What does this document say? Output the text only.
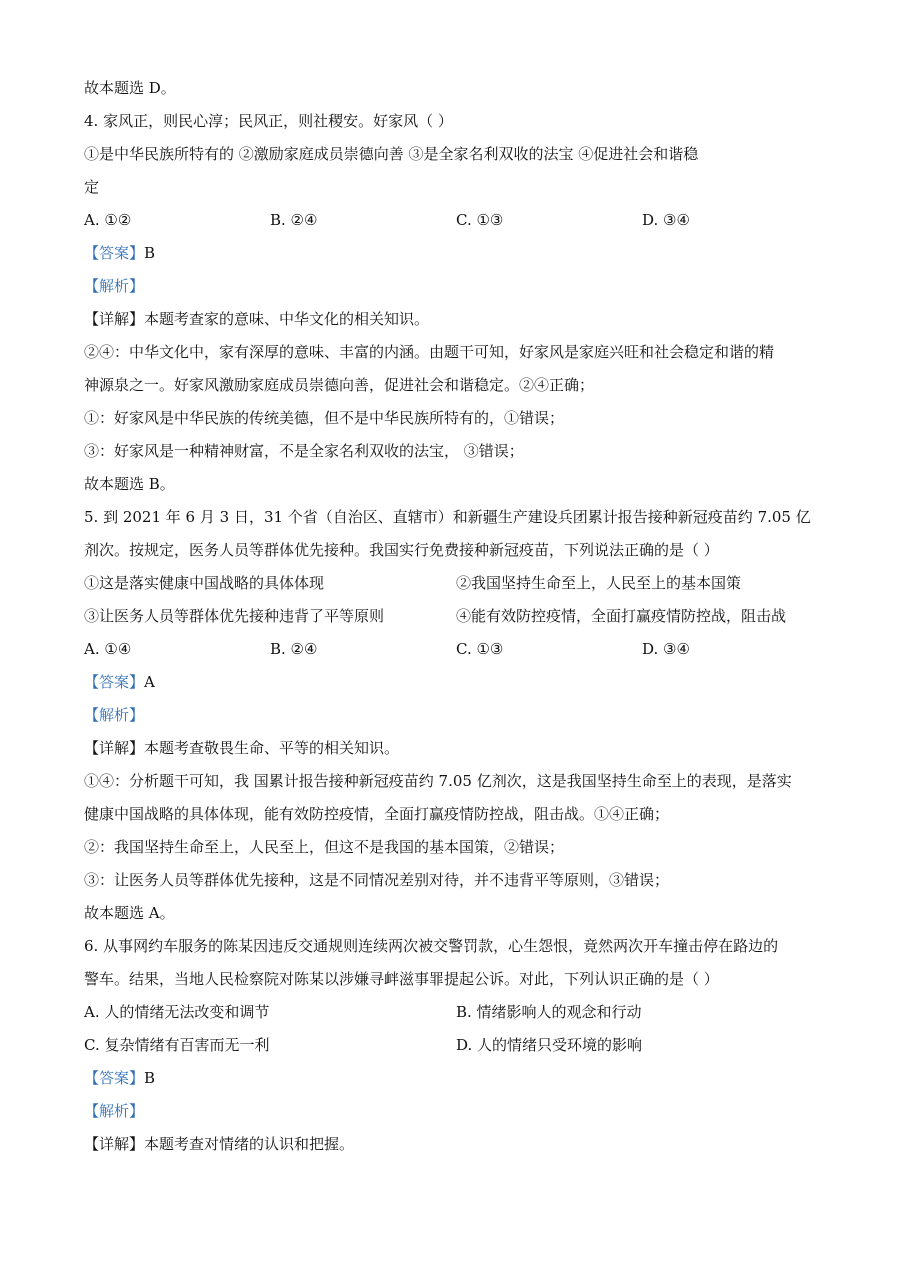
故本题选 D。
4. 家风正，则民心淳；民风正，则社稷安。好家风（ ）
①是中华民族所特有的 ②激励家庭成员崇德向善 ③是全家名利双收的法宝 ④促进社会和谐稳
定
A. ①②	B. ②④	C. ①③	D. ③④
【答案】B
【解析】
【详解】本题考查家的意味、中华文化的相关知识。
②④：中华文化中，家有深厚的意味、丰富的内涵。由题干可知，好家风是家庭兴旺和社会稳定和谐的精
神源泉之一。好家风激励家庭成员崇德向善，促进社会和谐稳定。②④正确；
①：好家风是中华民族的传统美德，但不是中华民族所特有的，①错误；
③：好家风是一种精神财富，不是全家名利双收的法宝， ③错误；
故本题选 B。
5. 到 2021 年 6 月 3 日，31 个省（自治区、直辖市）和新疆生产建设兵团累计报告接种新冠疫苗约 7.05 亿
剂次。按规定，医务人员等群体优先接种。我国实行免费接种新冠疫苗，下列说法正确的是（ ）
①这是落实健康中国战略的具体体现	②我国坚持生命至上，人民至上的基本国策
③让医务人员等群体优先接种违背了平等原则	④能有效防控疫情，全面打赢疫情防控战，阻击战
A. ①④	B. ②④	C. ①③	D. ③④
【答案】A
【解析】
【详解】本题考查敬畏生命、平等的相关知识。
①④：分析题干可知，我 国累计报告接种新冠疫苗约 7.05 亿剂次，这是我国坚持生命至上的表现，是落实
健康中国战略的具体体现，能有效防控疫情，全面打赢疫情防控战，阻击战。①④正确；
②：我国坚持生命至上，人民至上，但这不是我国的基本国策，②错误；
③：让医务人员等群体优先接种，这是不同情况差别对待，并不违背平等原则，③错误；
故本题选 A。
6. 从事网约车服务的陈某因违反交通规则连续两次被交警罚款，心生怨恨，竟然两次开车撞击停在路边的
警车。结果，当地人民检察院对陈某以涉嫌寻衅滋事罪提起公诉。对此，下列认识正确的是（ ）
A. 人的情绪无法改变和调节	B. 情绪影响人的观念和行动
C. 复杂情绪有百害而无一利	D. 人的情绪只受环境的影响
【答案】B
【解析】
【详解】本题考查对情绪的认识和把握。
